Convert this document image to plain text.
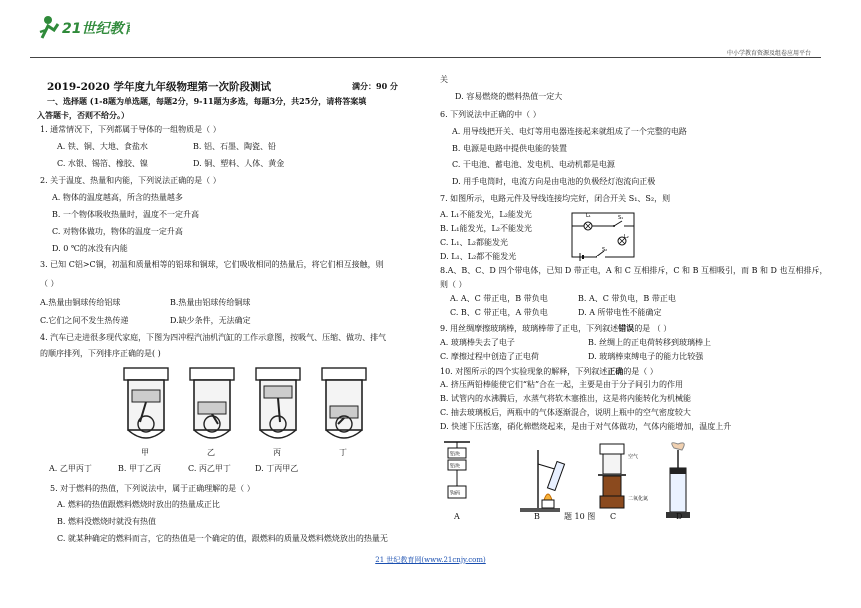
21世纪教育
中小学教育资源及组卷应用平台
2019-2020 学年度九年级物理第一次阶段测试	满分：90 分
一、选择题 (1-8题为单选题，每题2分，9-11题为多选，每题3分，共25分，请将答案填
入答题卡，否则不给分。）
1. 通常情况下，下列都属于导体的一组物质是（ ）
A. 铁、铜、大地、食盐水	B. 铝、石墨、陶瓷、铅
C. 水银、锡箔、橡胶、镍	D. 铜、塑料、人体、黄金
2. 关于温度、热量和内能，下列说法正确的是（ ）
A. 物体的温度越高，所含的热量越多
B. 一个物体吸收热量时，温度不一定升高
C. 对物体做功，物体的温度一定升高
D. 0 ℃的冰没有内能
3. 已知 C铝>C铜，初温和质量相等的铝球和铜球，它们吸收相同的热量后，将它们相互接触，则
（ ）
A.热量由铜球传给铝球	B.热量由铝球传给铜球
C.它们之间不发生热传递	D.缺少条件，无法确定
4. 汽车已走进很多现代家庭，下图为四冲程汽油机汽缸的工作示意图，按吸气、压缩、做功、排气
的顺序排列，下列排序正确的是( )
甲	乙	丙	丁
A. 乙甲丙丁	B. 甲丁乙丙	C. 丙乙甲丁	D. 丁丙甲乙
5. 对于燃料的热值，下列说法中，属于正确理解的是（ ）
A. 燃料的热值跟燃料燃烧时放出的热量成正比
B. 燃料没燃烧时就没有热值
C. 就某种确定的燃料而言，它的热值是一个确定的值，跟燃料的质量及燃料燃烧放出的热量无
关
D. 容易燃烧的燃料热值一定大
6. 下列说法中正确的中（ ）
A. 用导线把开关、电灯等用电器连接起来就组成了一个完整的电路
B. 电源是电路中提供电能的装置
C. 干电池、蓄电池、发电机、电动机都是电源
D. 用手电筒时，电流方向是由电池的负极经灯泡流向正极
7. 如图所示，电路元件及导线连接均完好，闭合开关 S₁、S₂，则
A. L₁不能发光，L₂能发光
B. L₁能发光，L₂不能发光
C. L₁、L₂都能发光
D. L₁、L₂都不能发光
L₁
L₂
S₁
S₂
8.A、B、C、D 四个带电体，已知 D 带正电，A 和 C 互相排斥，C 和 B 互相吸引，而 B 和 D 也互相排斥，
则（ ）
A. A、C 带正电，B 带负电	B. A、C 带负电，B 带正电
C. B、C 带正电，A 带负电	D. A 所带电性不能确定
9. 用丝绸摩擦玻璃棒，玻璃棒带了正电，下列叙述错误的是 （ ）
A. 玻璃棒失去了电子	B. 丝绸上的正电荷转移到玻璃棒上
C. 摩擦过程中创造了正电荷	D. 玻璃棒束缚电子的能力比较强
10. 对图所示的四个实验现象的解释，下列叙述正确的是（ ）
A. 挤压两铅棒能使它们“粘”合在一起，主要是由于分子间引力的作用
B. 试管内的水沸腾后，水蒸气将软木塞推出，这是将内能转化为机械能
C. 抽去玻璃板后，两瓶中的气体逐渐混合，说明上瓶中的空气密度较大
D. 快速下压活塞，硝化棉燃烧起来，是由于对气体做功，气体内能增加，温度上升
铅块
铅块
钩码
空气
二氧化氮
A	B	题 10 图 C	D
21 世纪教育网(www.21cnjy.com)
